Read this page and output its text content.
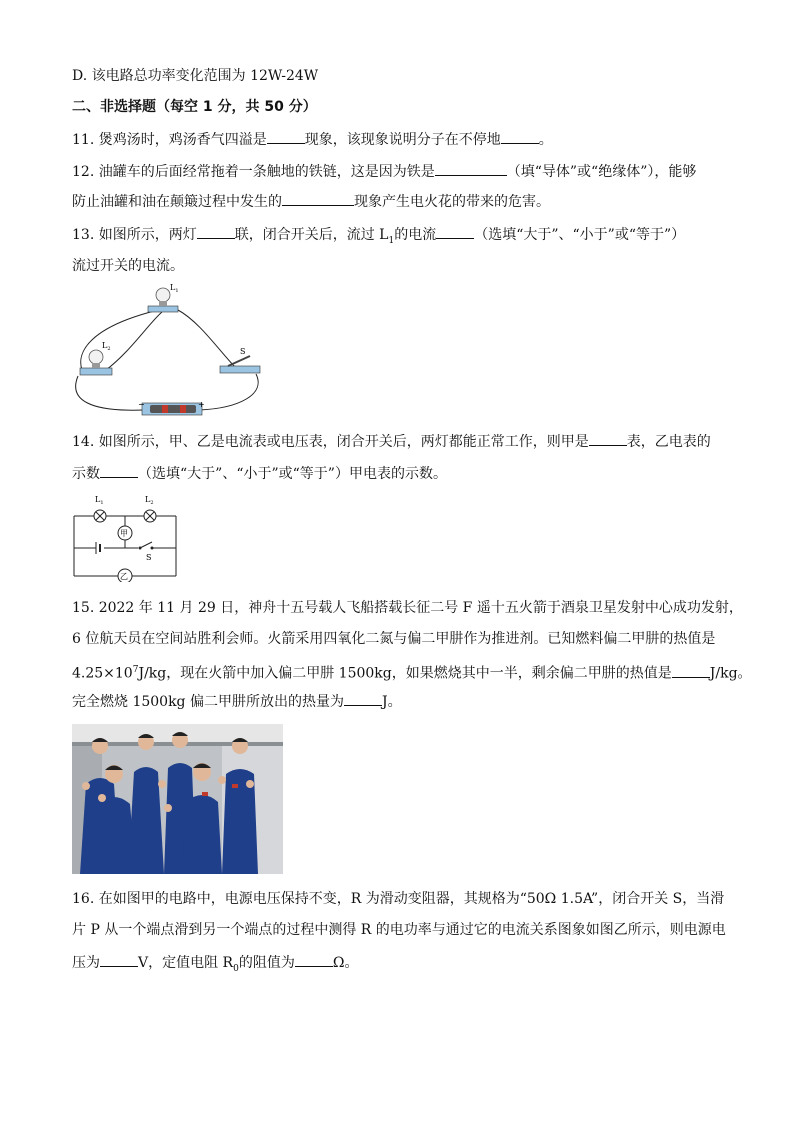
D. 该电路总功率变化范围为 12W-24W
二、非选择题（每空 1 分，共 50 分）
11. 煲鸡汤时，鸡汤香气四溢是	现象，该现象说明分子在不停地	。
12. 油罐车的后面经常拖着一条触地的铁链，这是因为铁是	（填“导体”或“绝缘体”），能够
防止油罐和油在颠簸过程中发生的	现象产生电火花的带来的危害。
13. 如图所示，两灯	联，闭合开关后，流过 $L_1$的电流	（选填“大于”、“小于”或“等于”）
流过开关的电流。
$L_1$
$L_2$	S
−	+
14. 如图所示，甲、乙是电流表或电压表，闭合开关后，两灯都能正常工作，则甲是	表，乙电表的
示数	（选填“大于”、“小于”或“等于”）甲电表的示数。
$L_1$	$L_2$
甲
S
乙
15. 2022 年 11 月 29 日，神舟十五号载人飞船搭载长征二号 F 遥十五火箭于酒泉卫星发射中心成功发射，
6 位航天员在空间站胜利会师。火箭采用四氧化二氮与偏二甲肼作为推进剂。已知燃料偏二甲肼的热值是
$4.25\times 10^7J/kg$，现在火箭中加入偏二甲肼 1500kg，如果燃烧其中一半，剩余偏二甲肼的热值是	J/kg。
完全燃烧 1500kg 偏二甲肼所放出的热量为	J。
16. 在如图甲的电路中，电源电压保持不变，R 为滑动变阻器，其规格为“50Ω 1.5A”，闭合开关 S，当滑
片 P 从一个端点滑到另一个端点的过程中测得 R 的电功率与通过它的电流关系图象如图乙所示，则电源电
压为	V，定值电阻 $R_0$的阻值为	Ω。
